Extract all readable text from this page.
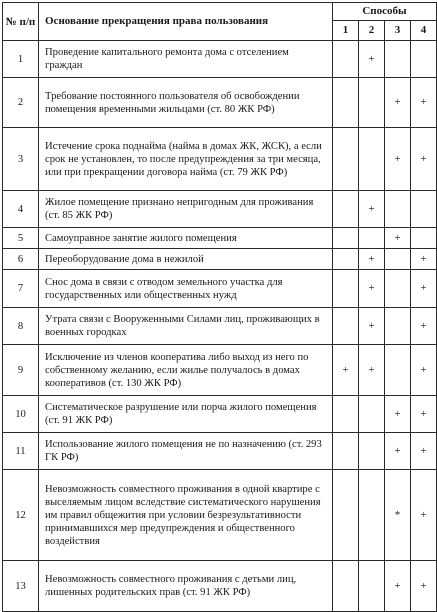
№ п/п	Основание прекращения права пользования	Способы			
		1	2	3	4
1	Проведение капитального ремонта дома с отселением граждан		+		
2	Требование постоянного пользователя об освобождении помещения временными жильцами (ст. 80 ЖК РФ)			+	+
3	Истечение срока поднайма (найма в домах ЖК, ЖСК), а если срок не установлен, то после предупреждения за три месяца, или при прекращении договора найма (ст. 79 ЖК РФ)			+	+
4	Жилое помещение признано непригодным для проживания (ст. 85 ЖК РФ)		+		
5	Самоуправное занятие жилого помещения			+	
6	Переоборудование дома в нежилой		+		+
7	Снос дома в связи с отводом земельного участка для государственных или общественных нужд		+		+
8	Утрата связи с Вооруженными Силами лиц, проживающих в военных городках		+		+
9	Исключение из членов кооператива либо выход из него по собственному желанию, если жилье получалось в домах кооперативов (ст. 130 ЖК РФ)	+	+		+
10	Систематическое разрушение или порча жилого помещения (ст. 91 ЖК РФ)			+	+
11	Использование жилого помещения не по назначению (ст. 293 ГК РФ)			+	+
12	Невозможность совместного проживания в одной квартире с выселяемым лицом вследствие систематического нарушения им правил общежития при условии безрезультативности принимавшихся мер предупреждения и общественного воздействия			*	+
13	Невозможность совместного проживания с детьми лиц, лишенных родительских прав (ст. 91 ЖК РФ)			+	+
